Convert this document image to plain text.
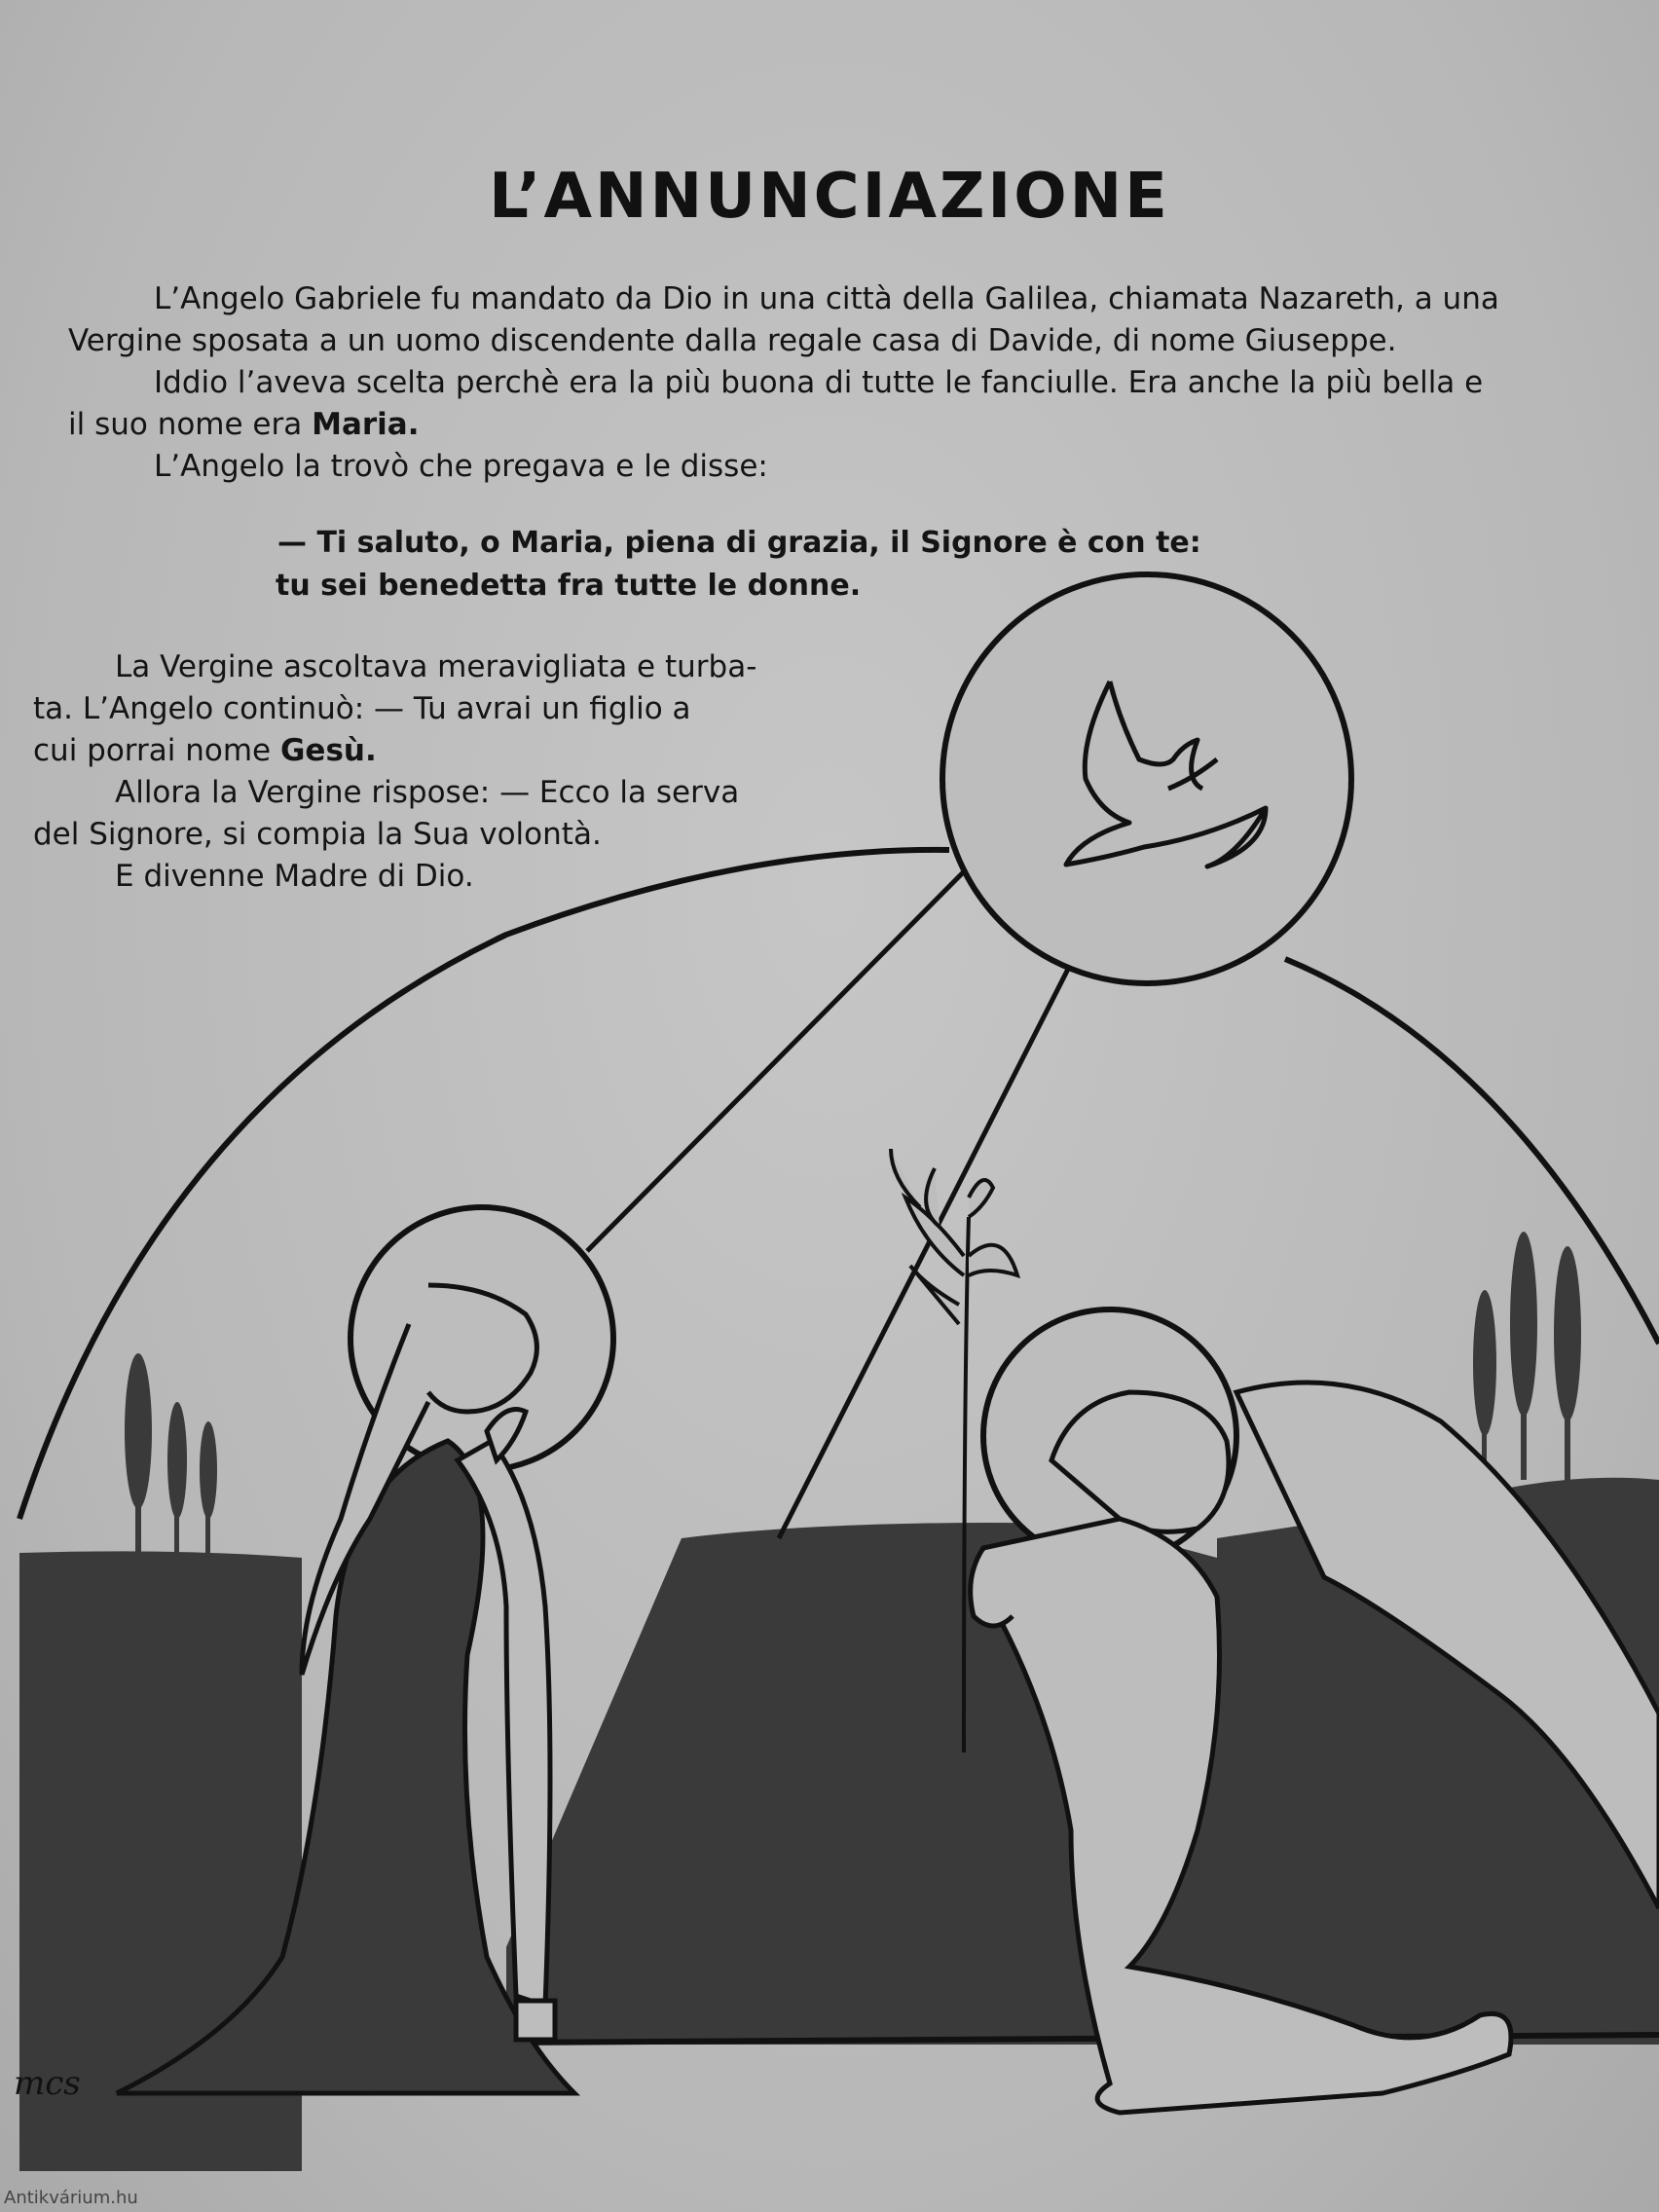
L’ANNUNCIAZIONE

L’Angelo Gabriele fu mandato da Dio in una città della Galilea, chiamata Nazareth, a una

Vergine sposata a un uomo discendente dalla regale casa di Davide, di nome Giuseppe.

Iddio l’aveva scelta perchè era la più buona di tutte le fanciulle. Era anche la più bella e

il suo nome era Maria.

L’Angelo la trovò che pregava e le disse:

— Ti saluto, o Maria, piena di grazia, il Signore è con te:

tu sei benedetta fra tutte le donne.

La Vergine ascoltava meravigliata e turba-

ta. L’Angelo continuò: — Tu avrai un figlio a

cui porrai nome Gesù.

Allora la Vergine rispose: — Ecco la serva

del Signore, si compia la Sua volontà.

E divenne Madre di Dio.

mcs
Antikvárium.hu
